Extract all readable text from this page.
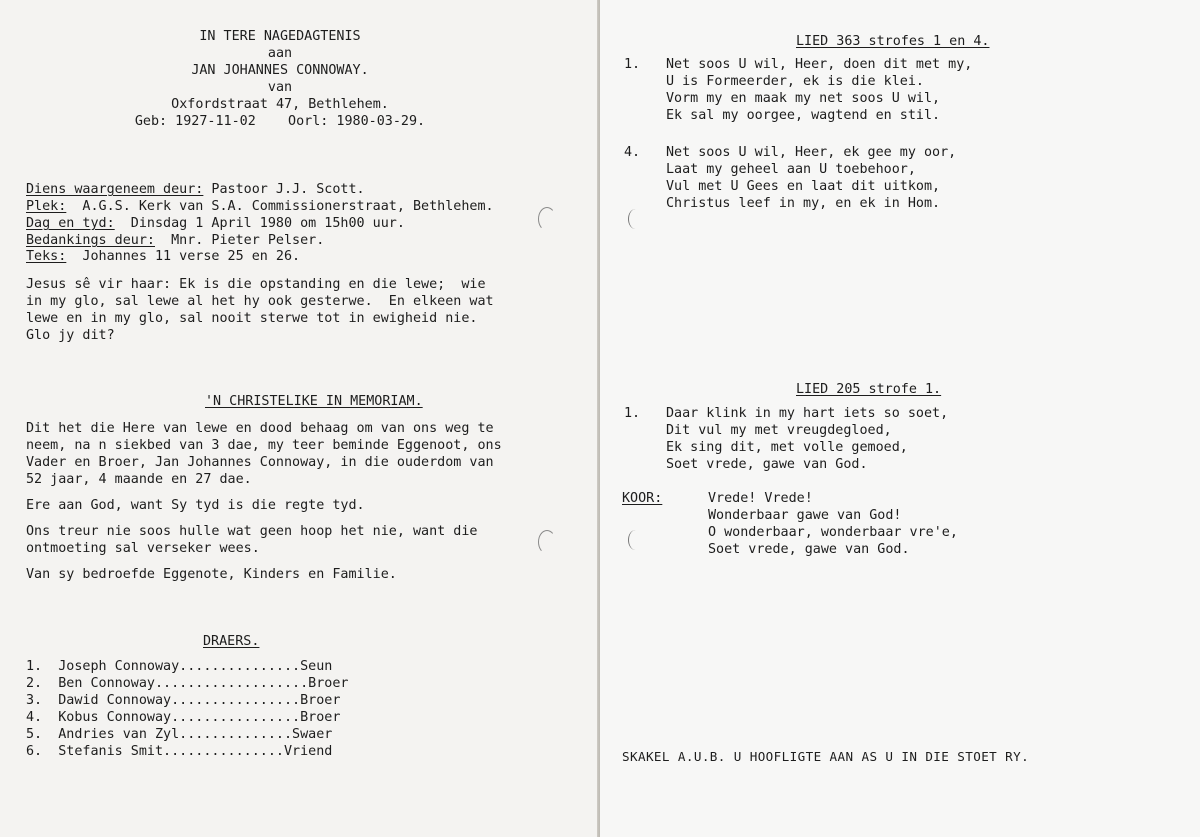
IN TERE NAGEDAGTENIS
aan
JAN JOHANNES CONNOWAY.
van
Oxfordstraat 47, Bethlehem.
Geb: 1927-11-02    Oorl: 1980-03-29.
Diens waargeneem deur: Pastoor J.J. Scott.
Plek:  A.G.S. Kerk van S.A. Commissionerstraat, Bethlehem.
Dag en tyd:  Dinsdag 1 April 1980 om 15h00 uur.
Bedankings deur:  Mnr. Pieter Pelser.
Teks:  Johannes 11 verse 25 en 26.
Jesus sê vir haar: Ek is die opstanding en die lewe;  wie
in my glo, sal lewe al het hy ook gesterwe.  En elkeen wat
lewe en in my glo, sal nooit sterwe tot in ewigheid nie.
Glo jy dit?
'N CHRISTELIKE IN MEMORIAM.
Dit het die Here van lewe en dood behaag om van ons weg te
neem, na n siekbed van 3 dae, my teer beminde Eggenoot, ons
Vader en Broer, Jan Johannes Connoway, in die ouderdom van
52 jaar, 4 maande en 27 dae.
Ere aan God, want Sy tyd is die regte tyd.
Ons treur nie soos hulle wat geen hoop het nie, want die
ontmoeting sal verseker wees.
Van sy bedroefde Eggenote, Kinders en Familie.
DRAERS.
1.  Joseph Connoway...............Seun
2.  Ben Connoway...................Broer
3.  Dawid Connoway................Broer
4.  Kobus Connoway................Broer
5.  Andries van Zyl..............Swaer
6.  Stefanis Smit...............Vriend
LIED 363 strofes 1 en 4.
1. Net soos U wil, Heer, doen dit met my,
U is Formeerder, ek is die klei.
Vorm my en maak my net soos U wil,
Ek sal my oorgee, wagtend en stil.
4. Net soos U wil, Heer, ek gee my oor,
Laat my geheel aan U toebehoor,
Vul met U Gees en laat dit uitkom,
Christus leef in my, en ek in Hom.
LIED 205 strofe 1.
1. Daar klink in my hart iets so soet,
Dit vul my met vreugdegloed,
Ek sing dit, met volle gemoed,
Soet vrede, gawe van God.
KOOR:	Vrede! Vrede!
Wonderbaar gawe van God!
O wonderbaar, wonderbaar vre'e,
Soet vrede, gawe van God.
SKAKEL A.U.B. U HOOFLIGTE AAN AS U IN DIE STOET RY.
